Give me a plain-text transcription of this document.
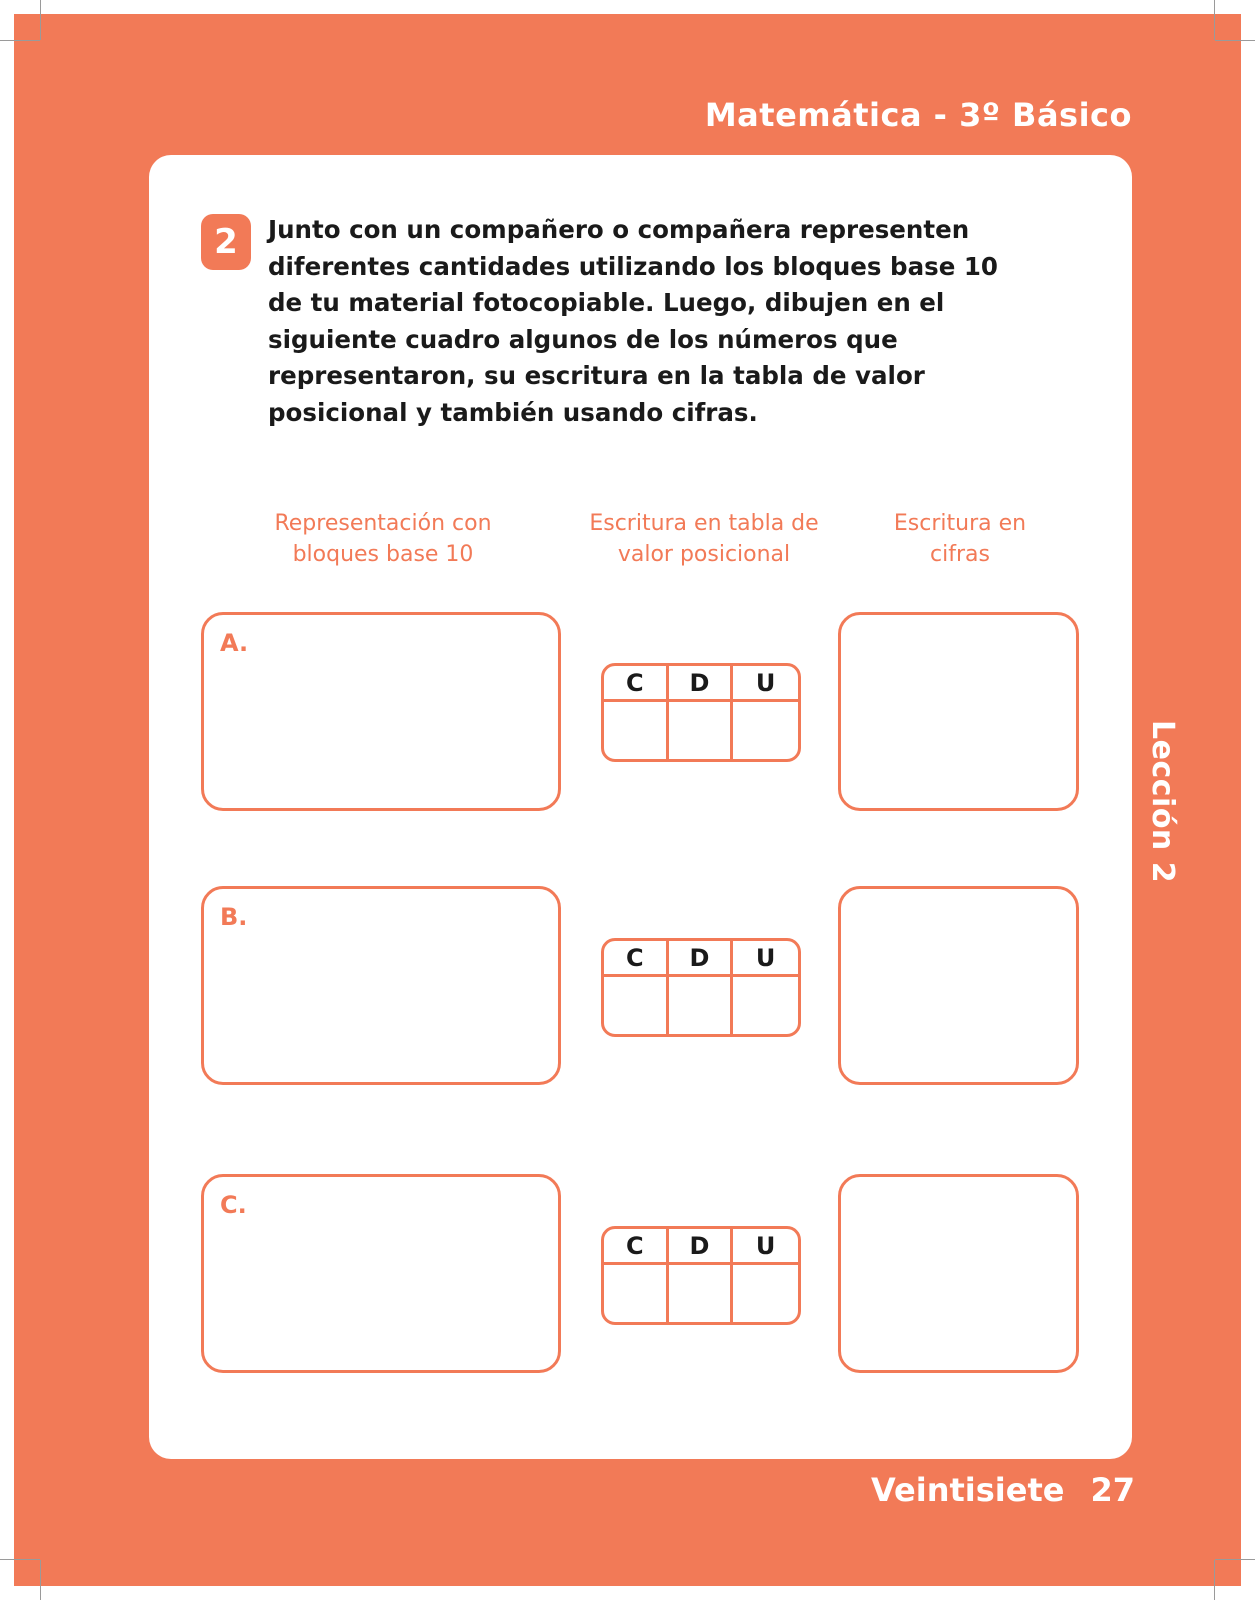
Matemática - 3º Básico
2	Junto con un compañero o compañera representen diferentes cantidades utilizando los bloques base 10 de tu material fotocopiable. Luego, dibujen en el siguiente cuadro algunos de los números que representaron, su escritura en la tabla de valor posicional y también usando cifras.

Representación con bloques base 10

Escritura en tabla de valor posicional

Escritura en cifras

A.
C	D	U
B.
C	D	U
C.
C	D	U
Lección 2
Veintisiete 27
